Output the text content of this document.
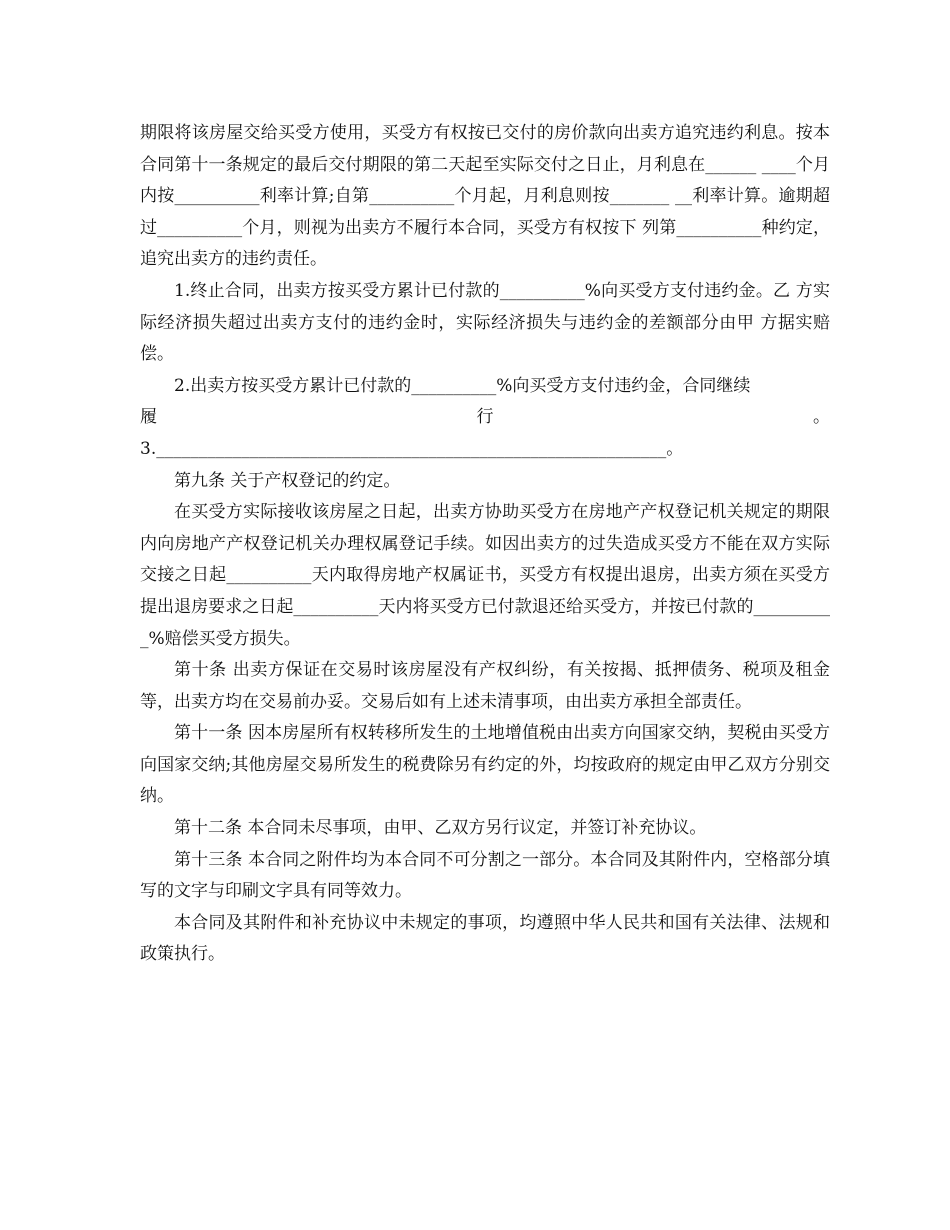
期限将该房屋交给买受方使用，买受方有权按已交付的房价款向出卖方追究违约利息。按本 合同第十一条规定的最后交付期限的第二天起至实际交付之日止，月利息在______ ____个月内按__________利率计算;自第__________个月起，月利息则按_______ __利率计算。逾期超过__________个月，则视为出卖方不履行本合同，买受方有权按下 列第__________种约定，追究出卖方的违约责任。

1.终止合同，出卖方按买受方累计已付款的__________%向买受方支付违约金。乙 方实际经济损失超过出卖方支付的违约金时，实际经济损失与违约金的差额部分由甲 方据实赔偿。

2.出卖方按买受方累计已付款的__________%向买受方支付违约金，合同继续

履	行	。

3.____________________________________________________________。

第九条 关于产权登记的约定。

在买受方实际接收该房屋之日起，出卖方协助买受方在房地产产权登记机关规定的期限内向房地产产权登记机关办理权属登记手续。如因出卖方的过失造成买受方不能在双方实际交接之日起__________天内取得房地产权属证书，买受方有权提出退房，出卖方须在买受方提出退房要求之日起__________天内将买受方已付款退还给买受方，并按已付款的__________%赔偿买受方损失。

第十条 出卖方保证在交易时该房屋没有产权纠纷，有关按揭、抵押债务、税项及租金等，出卖方均在交易前办妥。交易后如有上述未清事项，由出卖方承担全部责任。

第十一条 因本房屋所有权转移所发生的土地增值税由出卖方向国家交纳，契税由买受方向国家交纳;其他房屋交易所发生的税费除另有约定的外，均按政府的规定由甲乙双方分别交纳。

第十二条 本合同未尽事项，由甲、乙双方另行议定，并签订补充协议。

第十三条 本合同之附件均为本合同不可分割之一部分。本合同及其附件内，空格部分填写的文字与印刷文字具有同等效力。

本合同及其附件和补充协议中未规定的事项，均遵照中华人民共和国有关法律、法规和政策执行。
